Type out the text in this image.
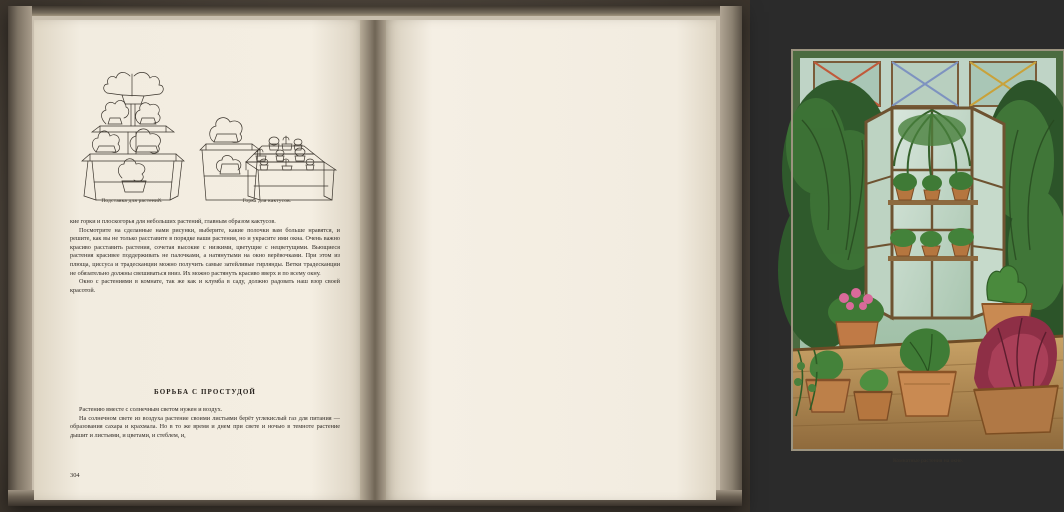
Подставка для растений.	Горка для кактусов.

кие горки и плоскогорья для небольших растений, главным образом кактусов.

Посмотрите на сделанные нами рисунки, выберите, какие полочки вам больше нравятся, и решите, как вы не только расставите в порядке ваши растения, но и украсите ими окна. Очень важно красиво расставить растения, сочетая высокие с низкими, цветущие с нецветущими. Вьющиеся растения красивее поддерживать не палочками, а натянутыми на окно верёвочками. При этом из плюща, циссуса и традесканции можно получить самые затейливые гирлянды. Ветки традесканции не обязательно должны свешиваться вниз. Их можно растянуть красиво вверх и по всему окну.

Окно с растениями в комнате, так же как и клумба в саду, должно радовать наш взор своей красотой.

БОРЬБА С ПРОСТУДОЙ

Растению вместе с солнечным светом нужен и воздух.

На солнечном свете из воздуха растение своими листьями берёт углекислый газ для питания — образования сахара и крахмала. Но в то же время и днем при свете и ночью в темноте растение дышит и листьями, и цветами, и стеблем, и,

304
Комнатные растения на окне.
